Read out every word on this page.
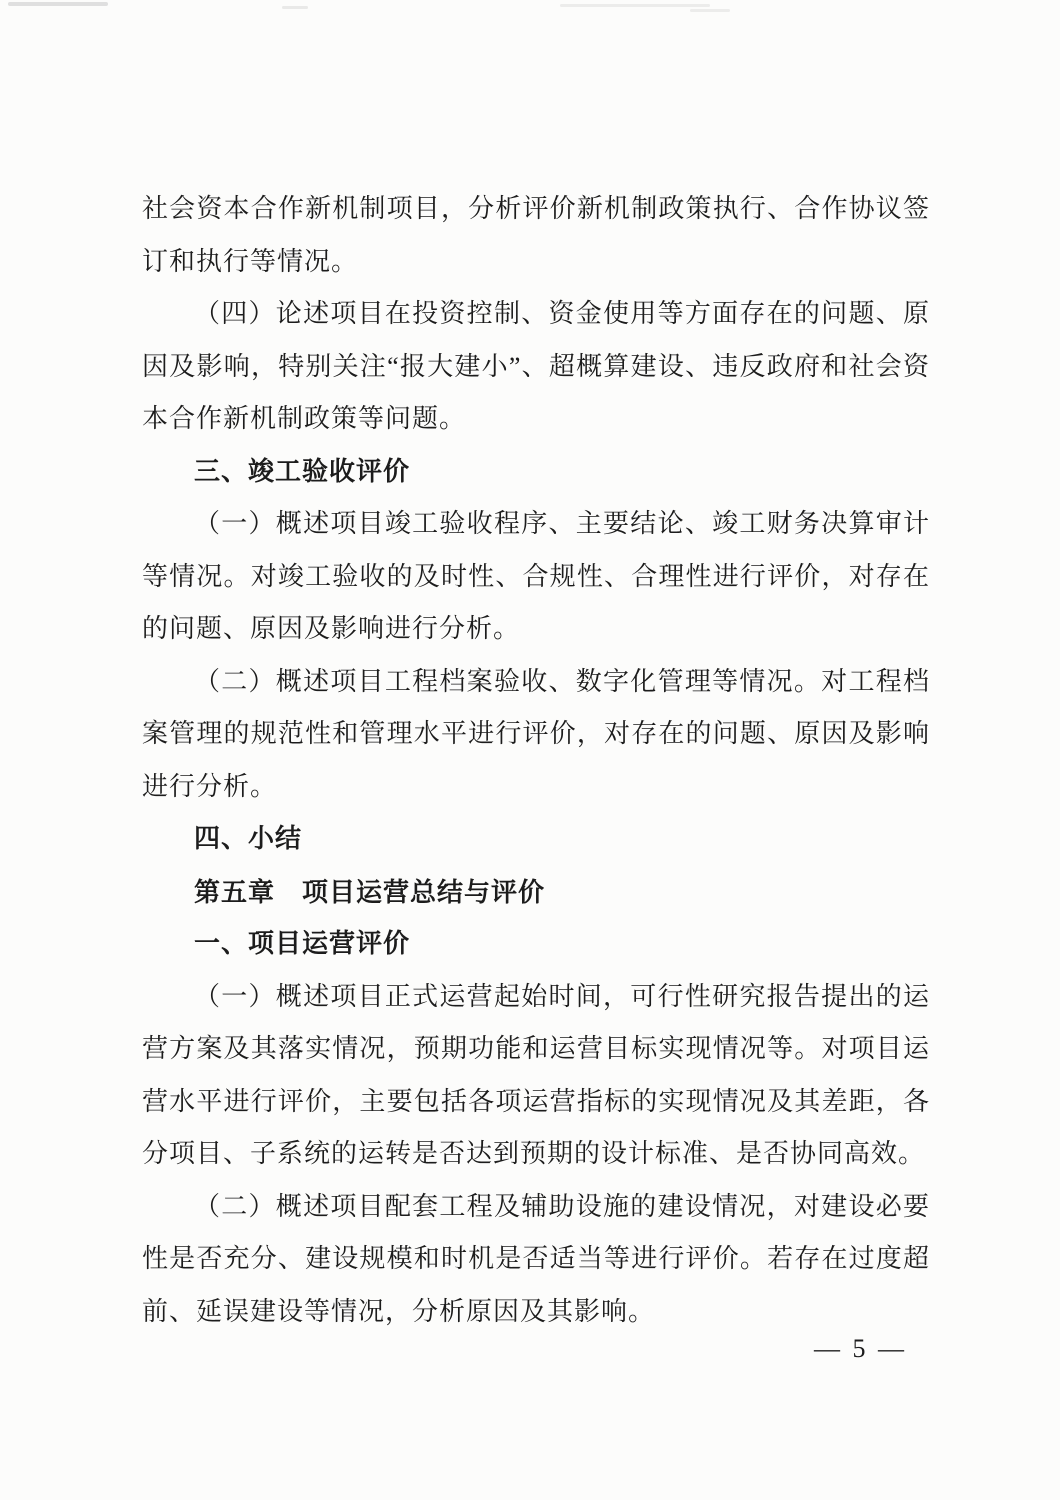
社会资本合作新机制项目，分析评价新机制政策执行、合作协议签订和执行等情况。

（四）论述项目在投资控制、资金使用等方面存在的问题、原因及影响，特别关注“报大建小”、超概算建设、违反政府和社会资本合作新机制政策等问题。

三、竣工验收评价

（一）概述项目竣工验收程序、主要结论、竣工财务决算审计等情况。对竣工验收的及时性、合规性、合理性进行评价，对存在的问题、原因及影响进行分析。

（二）概述项目工程档案验收、数字化管理等情况。对工程档案管理的规范性和管理水平进行评价，对存在的问题、原因及影响进行分析。

四、小结
第五章　项目运营总结与评价
一、项目运营评价

（一）概述项目正式运营起始时间，可行性研究报告提出的运营方案及其落实情况，预期功能和运营目标实现情况等。对项目运营水平进行评价，主要包括各项运营指标的实现情况及其差距，各分项目、子系统的运转是否达到预期的设计标准、是否协同高效。

（二）概述项目配套工程及辅助设施的建设情况，对建设必要性是否充分、建设规模和时机是否适当等进行评价。若存在过度超前、延误建设等情况，分析原因及其影响。

— 5 —
